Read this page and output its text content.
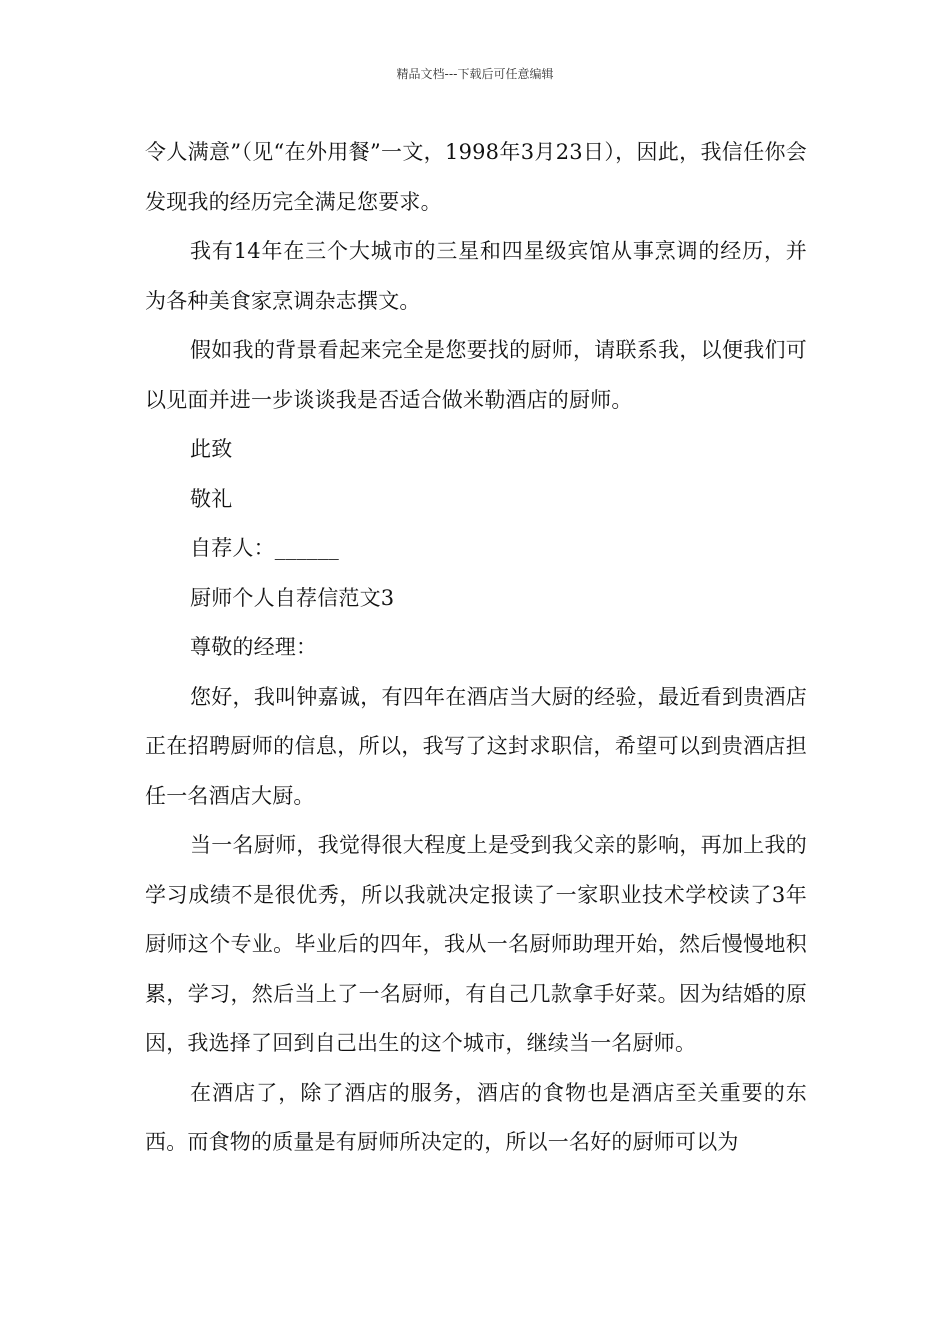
精品文档---下载后可任意编辑

令人满意”（见“在外用餐”一文，1998年3月23日），因此，我信任你会发现我的经历完全满足您要求。

我有14年在三个大城市的三星和四星级宾馆从事烹调的经历，并为各种美食家烹调杂志撰文。

假如我的背景看起来完全是您要找的厨师，请联系我，以便我们可以见面并进一步谈谈我是否适合做米勒酒店的厨师。

此致

敬礼

自荐人：______

厨师个人自荐信范文3

尊敬的经理：

您好，我叫钟嘉诚，有四年在酒店当大厨的经验，最近看到贵酒店正在招聘厨师的信息，所以，我写了这封求职信，希望可以到贵酒店担任一名酒店大厨。

当一名厨师，我觉得很大程度上是受到我父亲的影响，再加上我的学习成绩不是很优秀，所以我就决定报读了一家职业技术学校读了3年厨师这个专业。毕业后的四年，我从一名厨师助理开始，然后慢慢地积累，学习，然后当上了一名厨师，有自己几款拿手好菜。因为结婚的原因，我选择了回到自己出生的这个城市，继续当一名厨师。

在酒店了，除了酒店的服务，酒店的食物也是酒店至关重要的东西。而食物的质量是有厨师所决定的，所以一名好的厨师可以为
